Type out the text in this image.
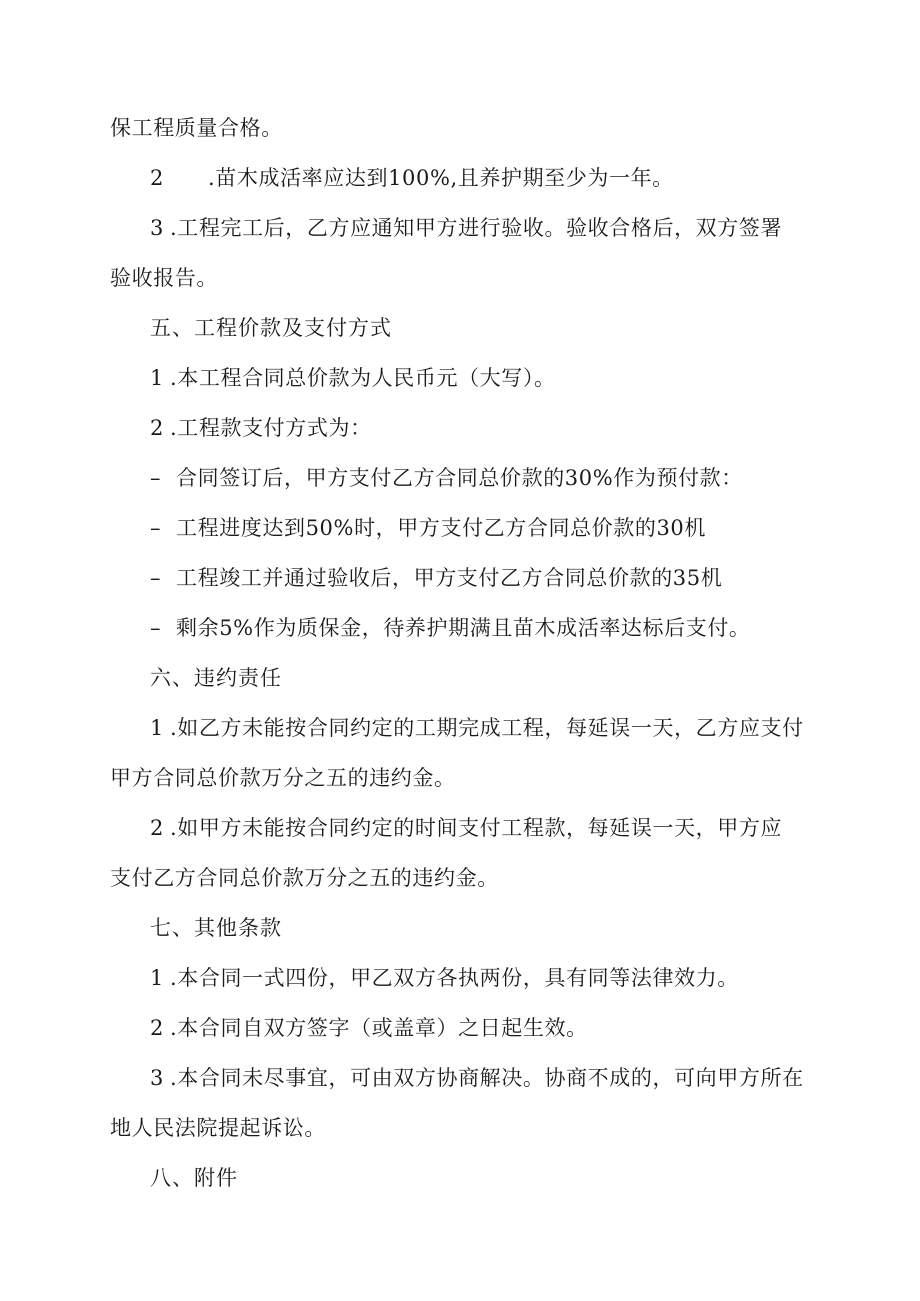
保工程质量合格。
2 .苗木成活率应达到100%,且养护期至少为一年。
3 .工程完工后，乙方应通知甲方进行验收。验收合格后，双方签署
验收报告。
五、工程价款及支付方式
1 .本工程合同总价款为人民币元（大写）。
2 .工程款支付方式为：
– 合同签订后，甲方支付乙方合同总价款的30%作为预付款：
– 工程进度达到50%时，甲方支付乙方合同总价款的30机
– 工程竣工并通过验收后，甲方支付乙方合同总价款的35机
– 剩余5%作为质保金，待养护期满且苗木成活率达标后支付。
六、违约责任
1 .如乙方未能按合同约定的工期完成工程，每延误一天，乙方应支付
甲方合同总价款万分之五的违约金。
2 .如甲方未能按合同约定的时间支付工程款，每延误一天，甲方应
支付乙方合同总价款万分之五的违约金。
七、其他条款
1 .本合同一式四份，甲乙双方各执两份，具有同等法律效力。
2 .本合同自双方签字（或盖章）之日起生效。
3 .本合同未尽事宜，可由双方协商解决。协商不成的，可向甲方所在
地人民法院提起诉讼。
八、附件
